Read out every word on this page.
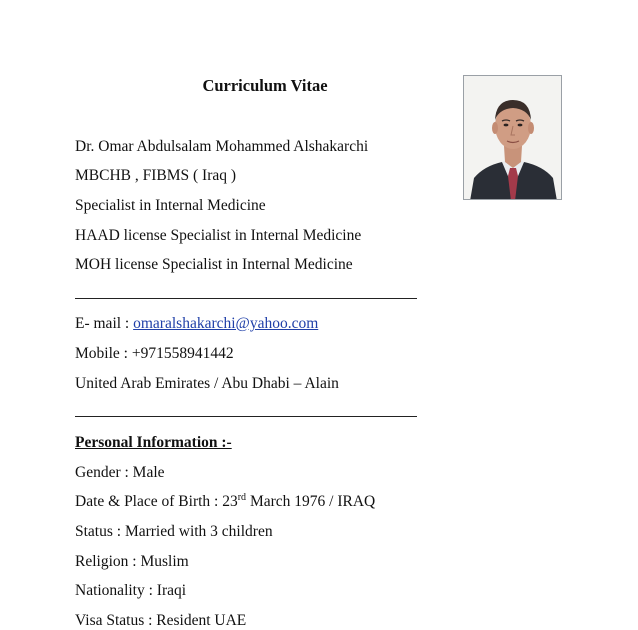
Curriculum Vitae
Dr. Omar Abdulsalam Mohammed Alshakarchi
MBCHB , FIBMS ( Iraq )
Specialist in Internal Medicine
HAAD license Specialist in Internal Medicine
MOH license Specialist in Internal Medicine
E- mail : omaralshakarchi@yahoo.com
Mobile : +971558941442
United Arab Emirates / Abu Dhabi – Alain
Personal Information :-
Gender : Male
Date & Place of Birth : 23rd March 1976 / IRAQ
Status : Married with 3 children
Religion : Muslim
Nationality : Iraqi
Visa Status : Resident UAE
